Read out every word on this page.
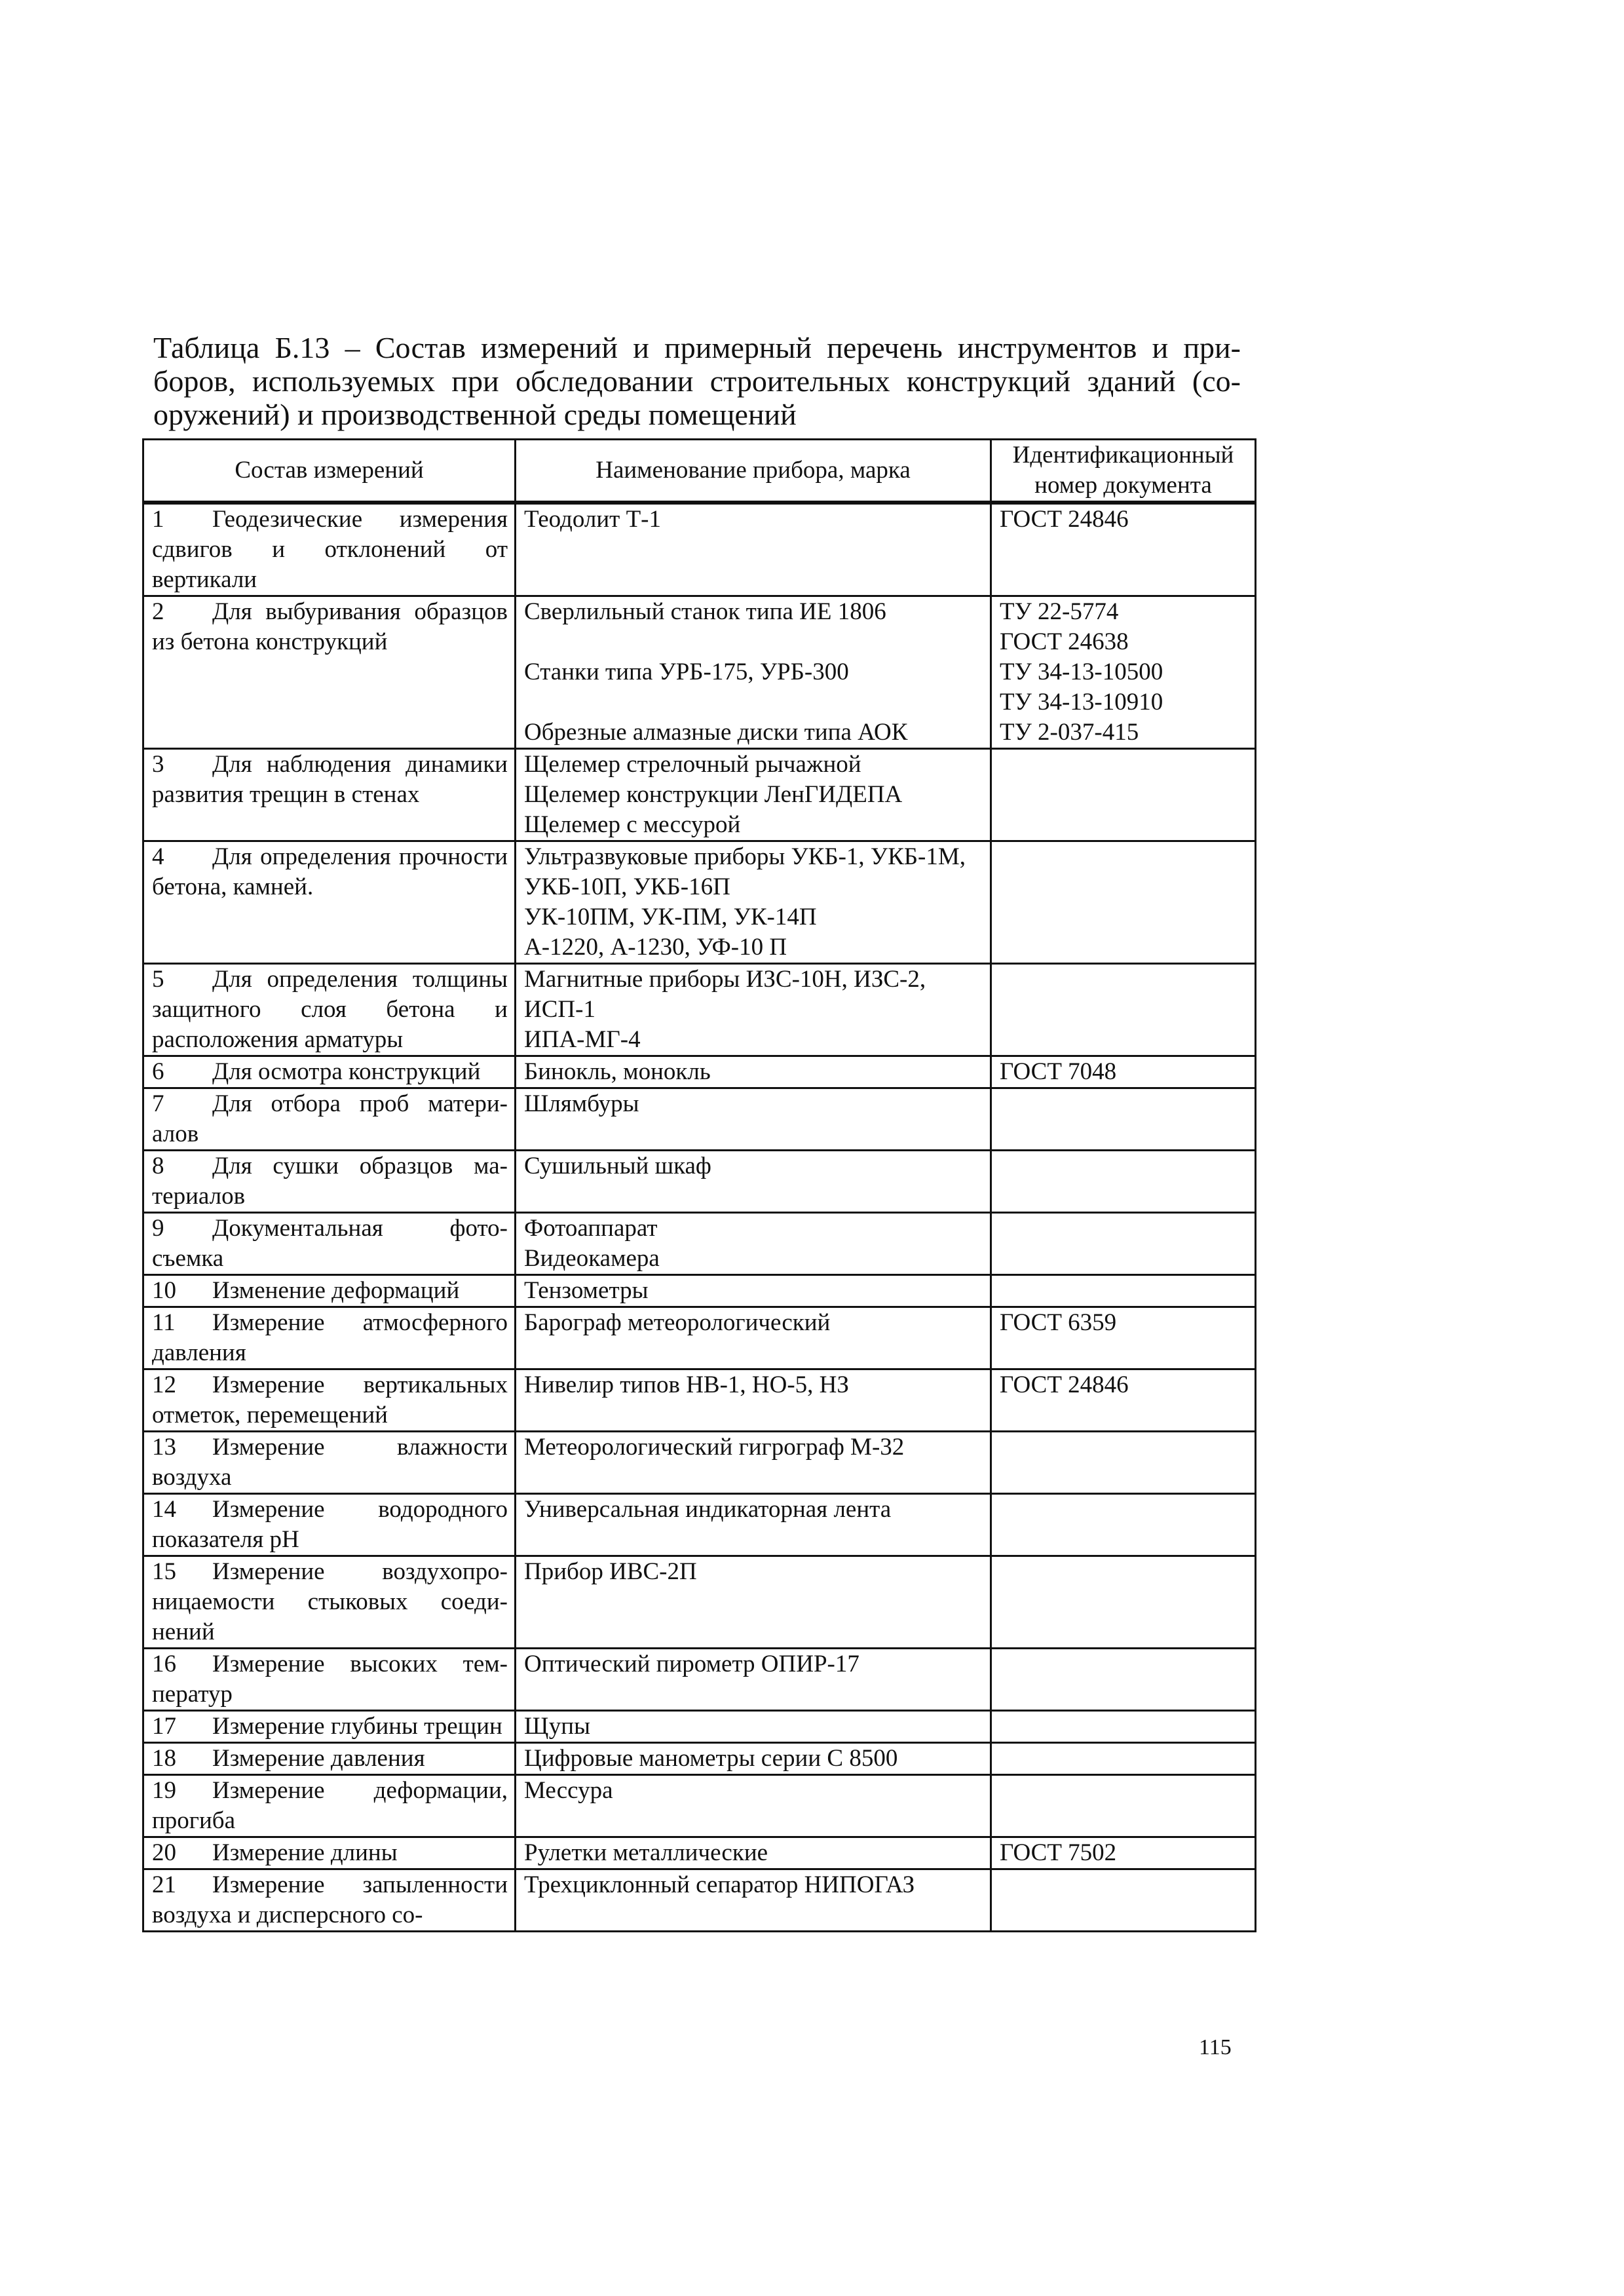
Таблица Б.13 – Состав измерений и примерный перечень инструментов и при-
боров, используемых при обследовании строительных конструкций зданий (со-
оружений) и производственной среды помещений
Состав измерений	Наименование прибора, марка	Идентификационный
номер документа

1 Геодезические измерения сдвигов и отклонений от вертикали	Теодолит Т-1	ГОСТ 24846

2 Для выбуривания образцов из бетона конструкций	Сверлильный станок типа ИЕ 1806
Станки типа УРБ-175, УРБ-300
Обрезные алмазные диски типа АОК	ТУ 22-5774
ГОСТ 24638
ТУ 34-13-10500
ТУ 34-13-10910
ТУ 2-037-415

3 Для наблюдения динамики развития трещин в стенах	Щелемер стрелочный рычажной
Щелемер конструкции ЛенГИДЕПА
Щелемер с мессурой	

4 Для определения прочности бетона, камней.	Ультразвуковые приборы УКБ-1, УКБ-1М, УКБ-10П, УКБ-16П
УК-10ПМ, УК-ПМ, УК-14П
А-1220, А-1230, УФ-10 П	

5 Для определения толщины защитного слоя бетона и расположения арматуры	Магнитные приборы ИЗС-10Н, ИЗС-2, ИСП-1
ИПА-МГ-4	

6 Для осмотра конструкций	Бинокль, монокль	ГОСТ 7048

7 Для отбора проб материалов	Шлямбуры	

8 Для сушки образцов материалов	Сушильный шкаф	

9 Документальная фотосъемка	Фотоаппарат
Видеокамера	

10 Изменение деформаций	Тензометры	

11 Измерение атмосферного давления	Барограф метеорологический	ГОСТ 6359

12 Измерение вертикальных отметок, перемещений	Нивелир типов НВ-1, НО-5, НЗ	ГОСТ 24846

13 Измерение влажности воздуха	Метеорологический гигрограф М-32	

14 Измерение водородного показателя pH	Универсальная индикаторная лента	

15 Измерение воздухопроницаемости стыковых соединений	Прибор ИВС-2П	

16 Измерение высоких температур	Оптический пирометр ОПИР-17	

17 Измерение глубины трещин	Щупы	

18 Измерение давления	Цифровые манометры серии С 8500	

19 Измерение деформации, прогиба	Мессура	

20 Измерение длины	Рулетки металлические	ГОСТ 7502

21 Измерение запыленности воздуха и дисперсного со-	Трехциклонный сепаратор НИПОГАЗ	

115
